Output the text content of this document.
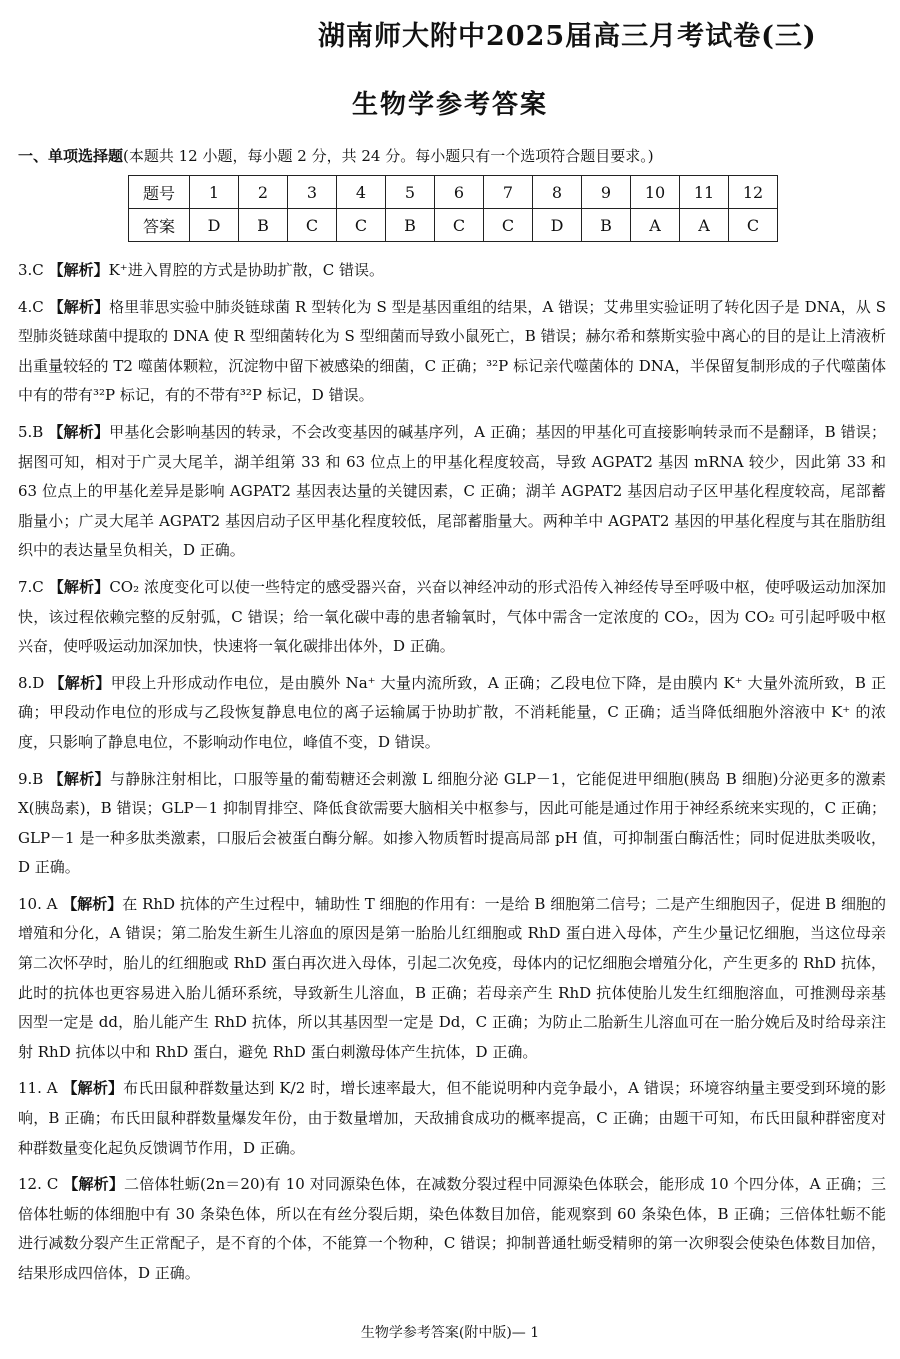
湖南师大附中2025届高三月考试卷(三)
生物学参考答案
一、单项选择题(本题共 12 小题，每小题 2 分，共 24 分。每小题只有一个选项符合题目要求。)
题号	1	2	3	4	5	6	7	8	9	10	11	12
答案	D	B	C	C	B	C	C	D	B	A	A	C
3.C 【解析】K⁺进入胃腔的方式是协助扩散，C 错误。
4.C 【解析】格里菲思实验中肺炎链球菌 R 型转化为 S 型是基因重组的结果，A 错误；艾弗里实验证明了转化因子是 DNA，从 S 型肺炎链球菌中提取的 DNA 使 R 型细菌转化为 S 型细菌而导致小鼠死亡，B 错误；赫尔希和蔡斯实验中离心的目的是让上清液析出重量较轻的 T2 噬菌体颗粒，沉淀物中留下被感染的细菌，C 正确；³²P 标记亲代噬菌体的 DNA，半保留复制形成的子代噬菌体中有的带有³²P 标记，有的不带有³²P 标记，D 错误。
5.B 【解析】甲基化会影响基因的转录，不会改变基因的碱基序列，A 正确；基因的甲基化可直接影响转录而不是翻译，B 错误；据图可知，相对于广灵大尾羊，湖羊组第 33 和 63 位点上的甲基化程度较高，导致 AGPAT2 基因 mRNA 较少，因此第 33 和 63 位点上的甲基化差异是影响 AGPAT2 基因表达量的关键因素，C 正确；湖羊 AGPAT2 基因启动子区甲基化程度较高，尾部蓄脂量小；广灵大尾羊 AGPAT2 基因启动子区甲基化程度较低，尾部蓄脂量大。两种羊中 AGPAT2 基因的甲基化程度与其在脂肪组织中的表达量呈负相关，D 正确。
7.C 【解析】CO₂ 浓度变化可以使一些特定的感受器兴奋，兴奋以神经冲动的形式沿传入神经传导至呼吸中枢，使呼吸运动加深加快，该过程依赖完整的反射弧，C 错误；给一氧化碳中毒的患者输氧时，气体中需含一定浓度的 CO₂，因为 CO₂ 可引起呼吸中枢兴奋，使呼吸运动加深加快，快速将一氧化碳排出体外，D 正确。
8.D 【解析】甲段上升形成动作电位，是由膜外 Na⁺ 大量内流所致，A 正确；乙段电位下降，是由膜内 K⁺ 大量外流所致，B 正确；甲段动作电位的形成与乙段恢复静息电位的离子运输属于协助扩散，不消耗能量，C 正确；适当降低细胞外溶液中 K⁺ 的浓度，只影响了静息电位，不影响动作电位，峰值不变，D 错误。
9.B 【解析】与静脉注射相比，口服等量的葡萄糖还会刺激 L 细胞分泌 GLP－1，它能促进甲细胞(胰岛 B 细胞)分泌更多的激素 X(胰岛素)，B 错误；GLP－1 抑制胃排空、降低食欲需要大脑相关中枢参与，因此可能是通过作用于神经系统来实现的，C 正确；GLP－1 是一种多肽类激素，口服后会被蛋白酶分解。如掺入物质暂时提高局部 pH 值，可抑制蛋白酶活性；同时促进肽类吸收，D 正确。
10. A 【解析】在 RhD 抗体的产生过程中，辅助性 T 细胞的作用有：一是给 B 细胞第二信号；二是产生细胞因子，促进 B 细胞的增殖和分化，A 错误；第二胎发生新生儿溶血的原因是第一胎胎儿红细胞或 RhD 蛋白进入母体，产生少量记忆细胞，当这位母亲第二次怀孕时，胎儿的红细胞或 RhD 蛋白再次进入母体，引起二次免疫，母体内的记忆细胞会增殖分化，产生更多的 RhD 抗体，此时的抗体也更容易进入胎儿循环系统，导致新生儿溶血，B 正确；若母亲产生 RhD 抗体使胎儿发生红细胞溶血，可推测母亲基因型一定是 dd，胎儿能产生 RhD 抗体，所以其基因型一定是 Dd，C 正确；为防止二胎新生儿溶血可在一胎分娩后及时给母亲注射 RhD 抗体以中和 RhD 蛋白，避免 RhD 蛋白刺激母体产生抗体，D 正确。
11. A 【解析】布氏田鼠种群数量达到 K/2 时，增长速率最大，但不能说明种内竞争最小，A 错误；环境容纳量主要受到环境的影响，B 正确；布氏田鼠种群数量爆发年份，由于数量增加，天敌捕食成功的概率提高，C 正确；由题干可知，布氏田鼠种群密度对种群数量变化起负反馈调节作用，D 正确。
12. C 【解析】二倍体牡蛎(2n＝20)有 10 对同源染色体，在减数分裂过程中同源染色体联会，能形成 10 个四分体，A 正确；三倍体牡蛎的体细胞中有 30 条染色体，所以在有丝分裂后期，染色体数目加倍，能观察到 60 条染色体，B 正确；三倍体牡蛎不能进行减数分裂产生正常配子，是不育的个体，不能算一个物种，C 错误；抑制普通牡蛎受精卵的第一次卵裂会使染色体数目加倍，结果形成四倍体，D 正确。
生物学参考答案(附中版)— 1
